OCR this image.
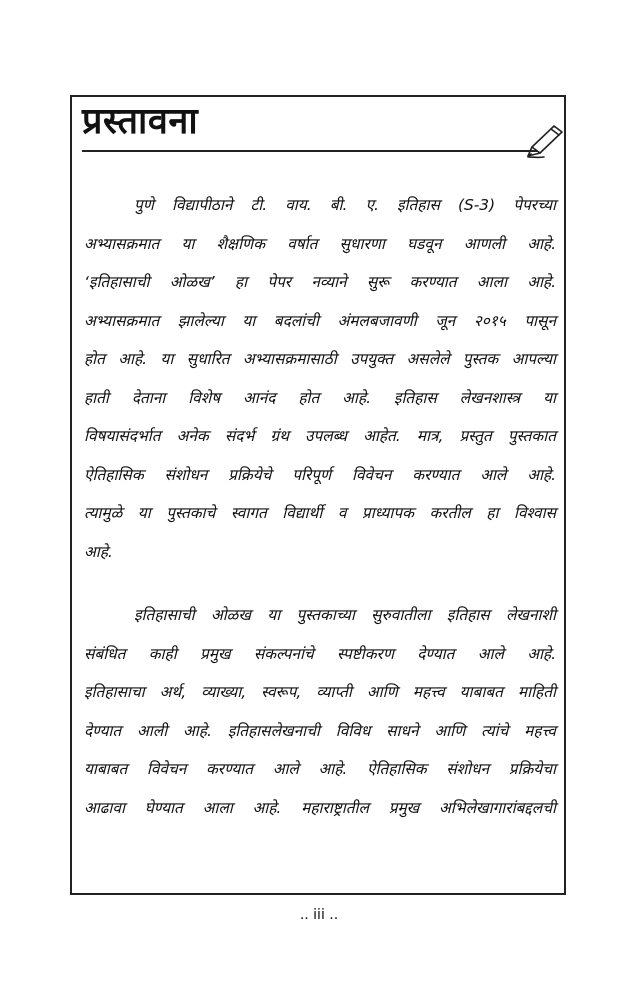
प्रस्तावना

पुणे विद्यापीठाने टी. वाय. बी. ए. इतिहास (S-3) पेपरच्या

अभ्यासक्रमात या शैक्षणिक वर्षात सुधारणा घडवून आणली आहे.

‘इतिहासाची ओळख’ हा पेपर नव्याने सुरू करण्यात आला आहे.

अभ्यासक्रमात झालेल्या या बदलांची अंमलबजावणी जून २०१५ पासून

होत आहे. या सुधारित अभ्यासक्रमासाठी उपयुक्त असलेले पुस्तक आपल्या

हाती देताना विशेष आनंद होत आहे. इतिहास लेखनशास्त्र या

विषयासंदर्भात अनेक संदर्भ ग्रंथ उपलब्ध आहेत. मात्र, प्रस्तुत पुस्तकात

ऐतिहासिक संशोधन प्रक्रियेचे परिपूर्ण विवेचन करण्यात आले आहे.

त्यामुळे या पुस्तकाचे स्वागत विद्यार्थी व प्राध्यापक करतील हा विश्वास

आहे.

इतिहासाची ओळख या पुस्तकाच्या सुरुवातीला इतिहास लेखनाशी

संबंधित काही प्रमुख संकल्पनांचे स्पष्टीकरण देण्यात आले आहे.

इतिहासाचा अर्थ, व्याख्या, स्वरूप, व्याप्ती आणि महत्त्व याबाबत माहिती

देण्यात आली आहे. इतिहासलेखनाची विविध साधने आणि त्यांचे महत्त्व

याबाबत विवेचन करण्यात आले आहे. ऐतिहासिक संशोधन प्रक्रियेचा

आढावा घेण्यात आला आहे. महाराष्ट्रातील प्रमुख अभिलेखागारांबद्दलची

.. iii ..
